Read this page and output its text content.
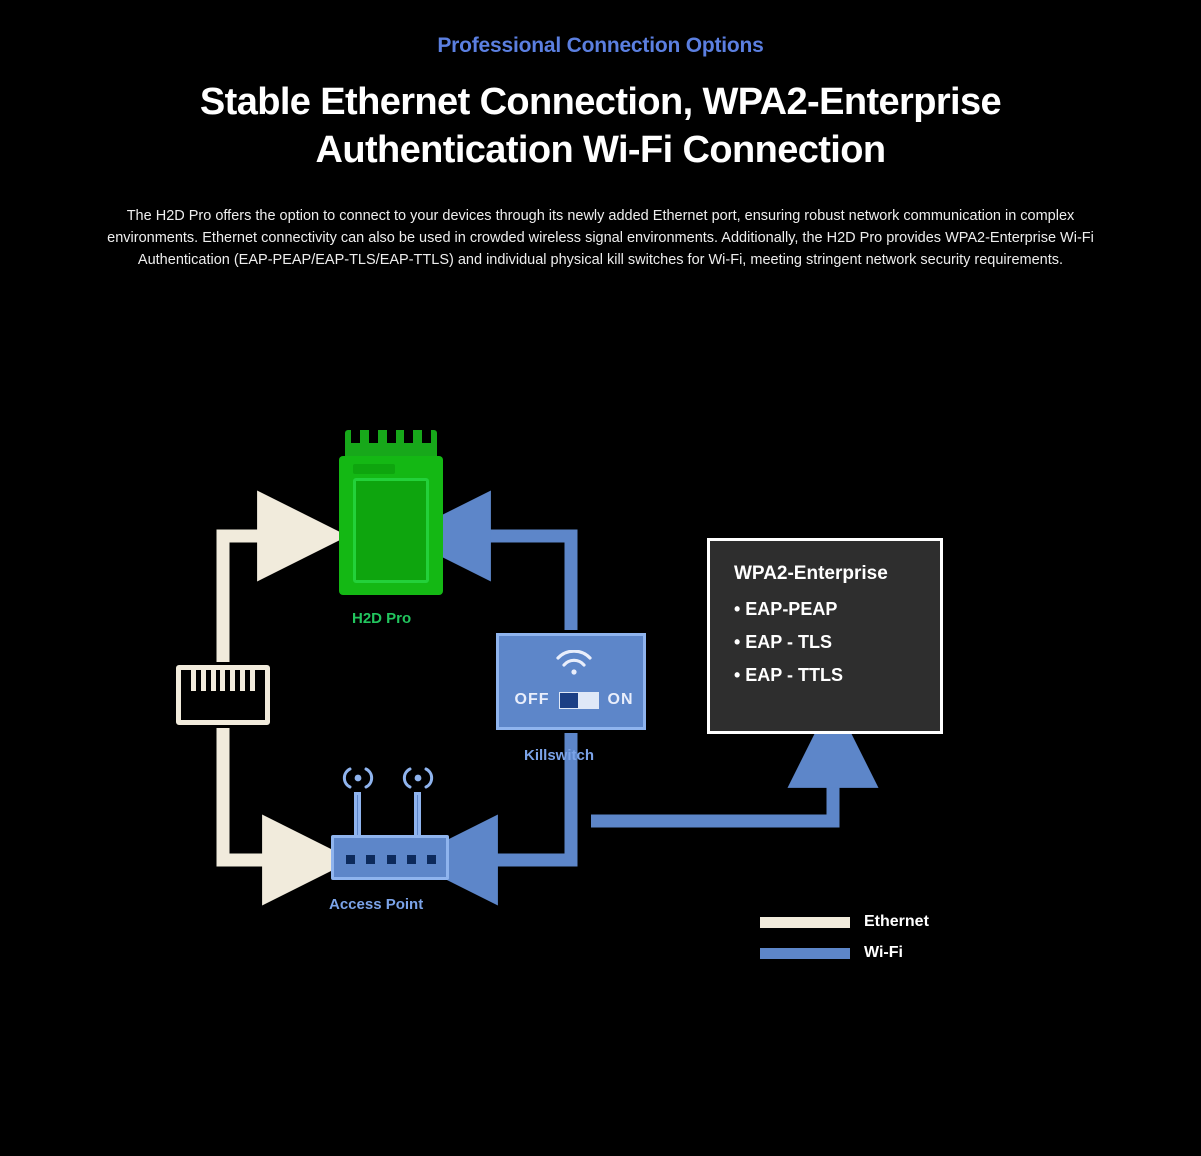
Professional Connection Options
Stable Ethernet Connection, WPA2-Enterprise Authentication Wi-Fi Connection
The H2D Pro offers the option to connect to your devices through its newly added Ethernet port, ensuring robust network communication in complex environments. Ethernet connectivity can also be used in crowded wireless signal environments. Additionally, the H2D Pro provides WPA2-Enterprise Wi-Fi Authentication (EAP-PEAP/EAP-TLS/EAP-TTLS) and individual physical kill switches for Wi-Fi, meeting stringent network security requirements.
H2D Pro
OFF	ON
Killswitch
Access Point
WPA2-Enterprise
• EAP-PEAP
• EAP - TLS
• EAP - TTLS
Ethernet
Wi-Fi
